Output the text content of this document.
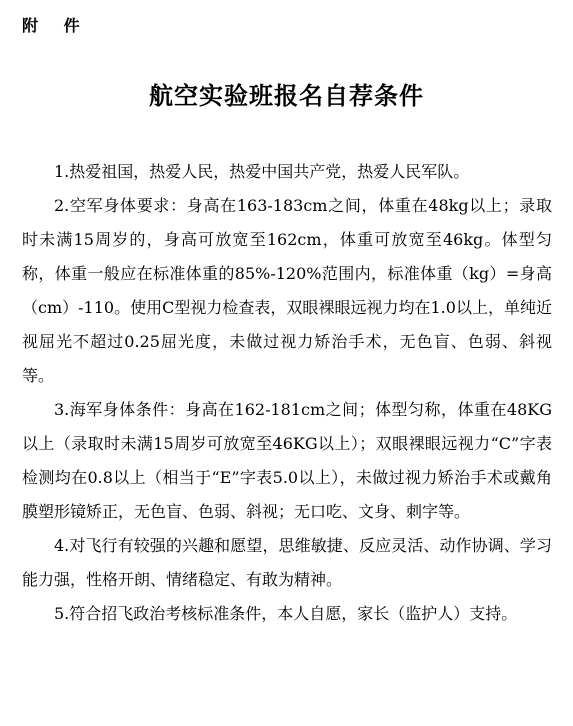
附 件
航空实验班报名自荐条件

1.热爱祖国，热爱人民，热爱中国共产党，热爱人民军队。

2.空军身体要求：身高在163-183cm之间，体重在48kg以上；录取时未满15周岁的，身高可放宽至162cm，体重可放宽至46kg。体型匀称，体重一般应在标准体重的85%-120%范围内，标准体重（kg）=身高（cm）-110。使用C型视力检查表，双眼裸眼远视力均在1.0以上，单纯近视屈光不超过0.25屈光度，未做过视力矫治手术，无色盲、色弱、斜视等。

3.海军身体条件：身高在162-181cm之间；体型匀称，体重在48KG以上（录取时未满15周岁可放宽至46KG以上）；双眼裸眼远视力“C”字表检测均在0.8以上（相当于“E”字表5.0以上），未做过视力矫治手术或戴角膜塑形镜矫正，无色盲、色弱、斜视；无口吃、文身、刺字等。

4.对飞行有较强的兴趣和愿望，思维敏捷、反应灵活、动作协调、学习能力强，性格开朗、情绪稳定、有敢为精神。

5.符合招飞政治考核标准条件，本人自愿，家长（监护人）支持。
